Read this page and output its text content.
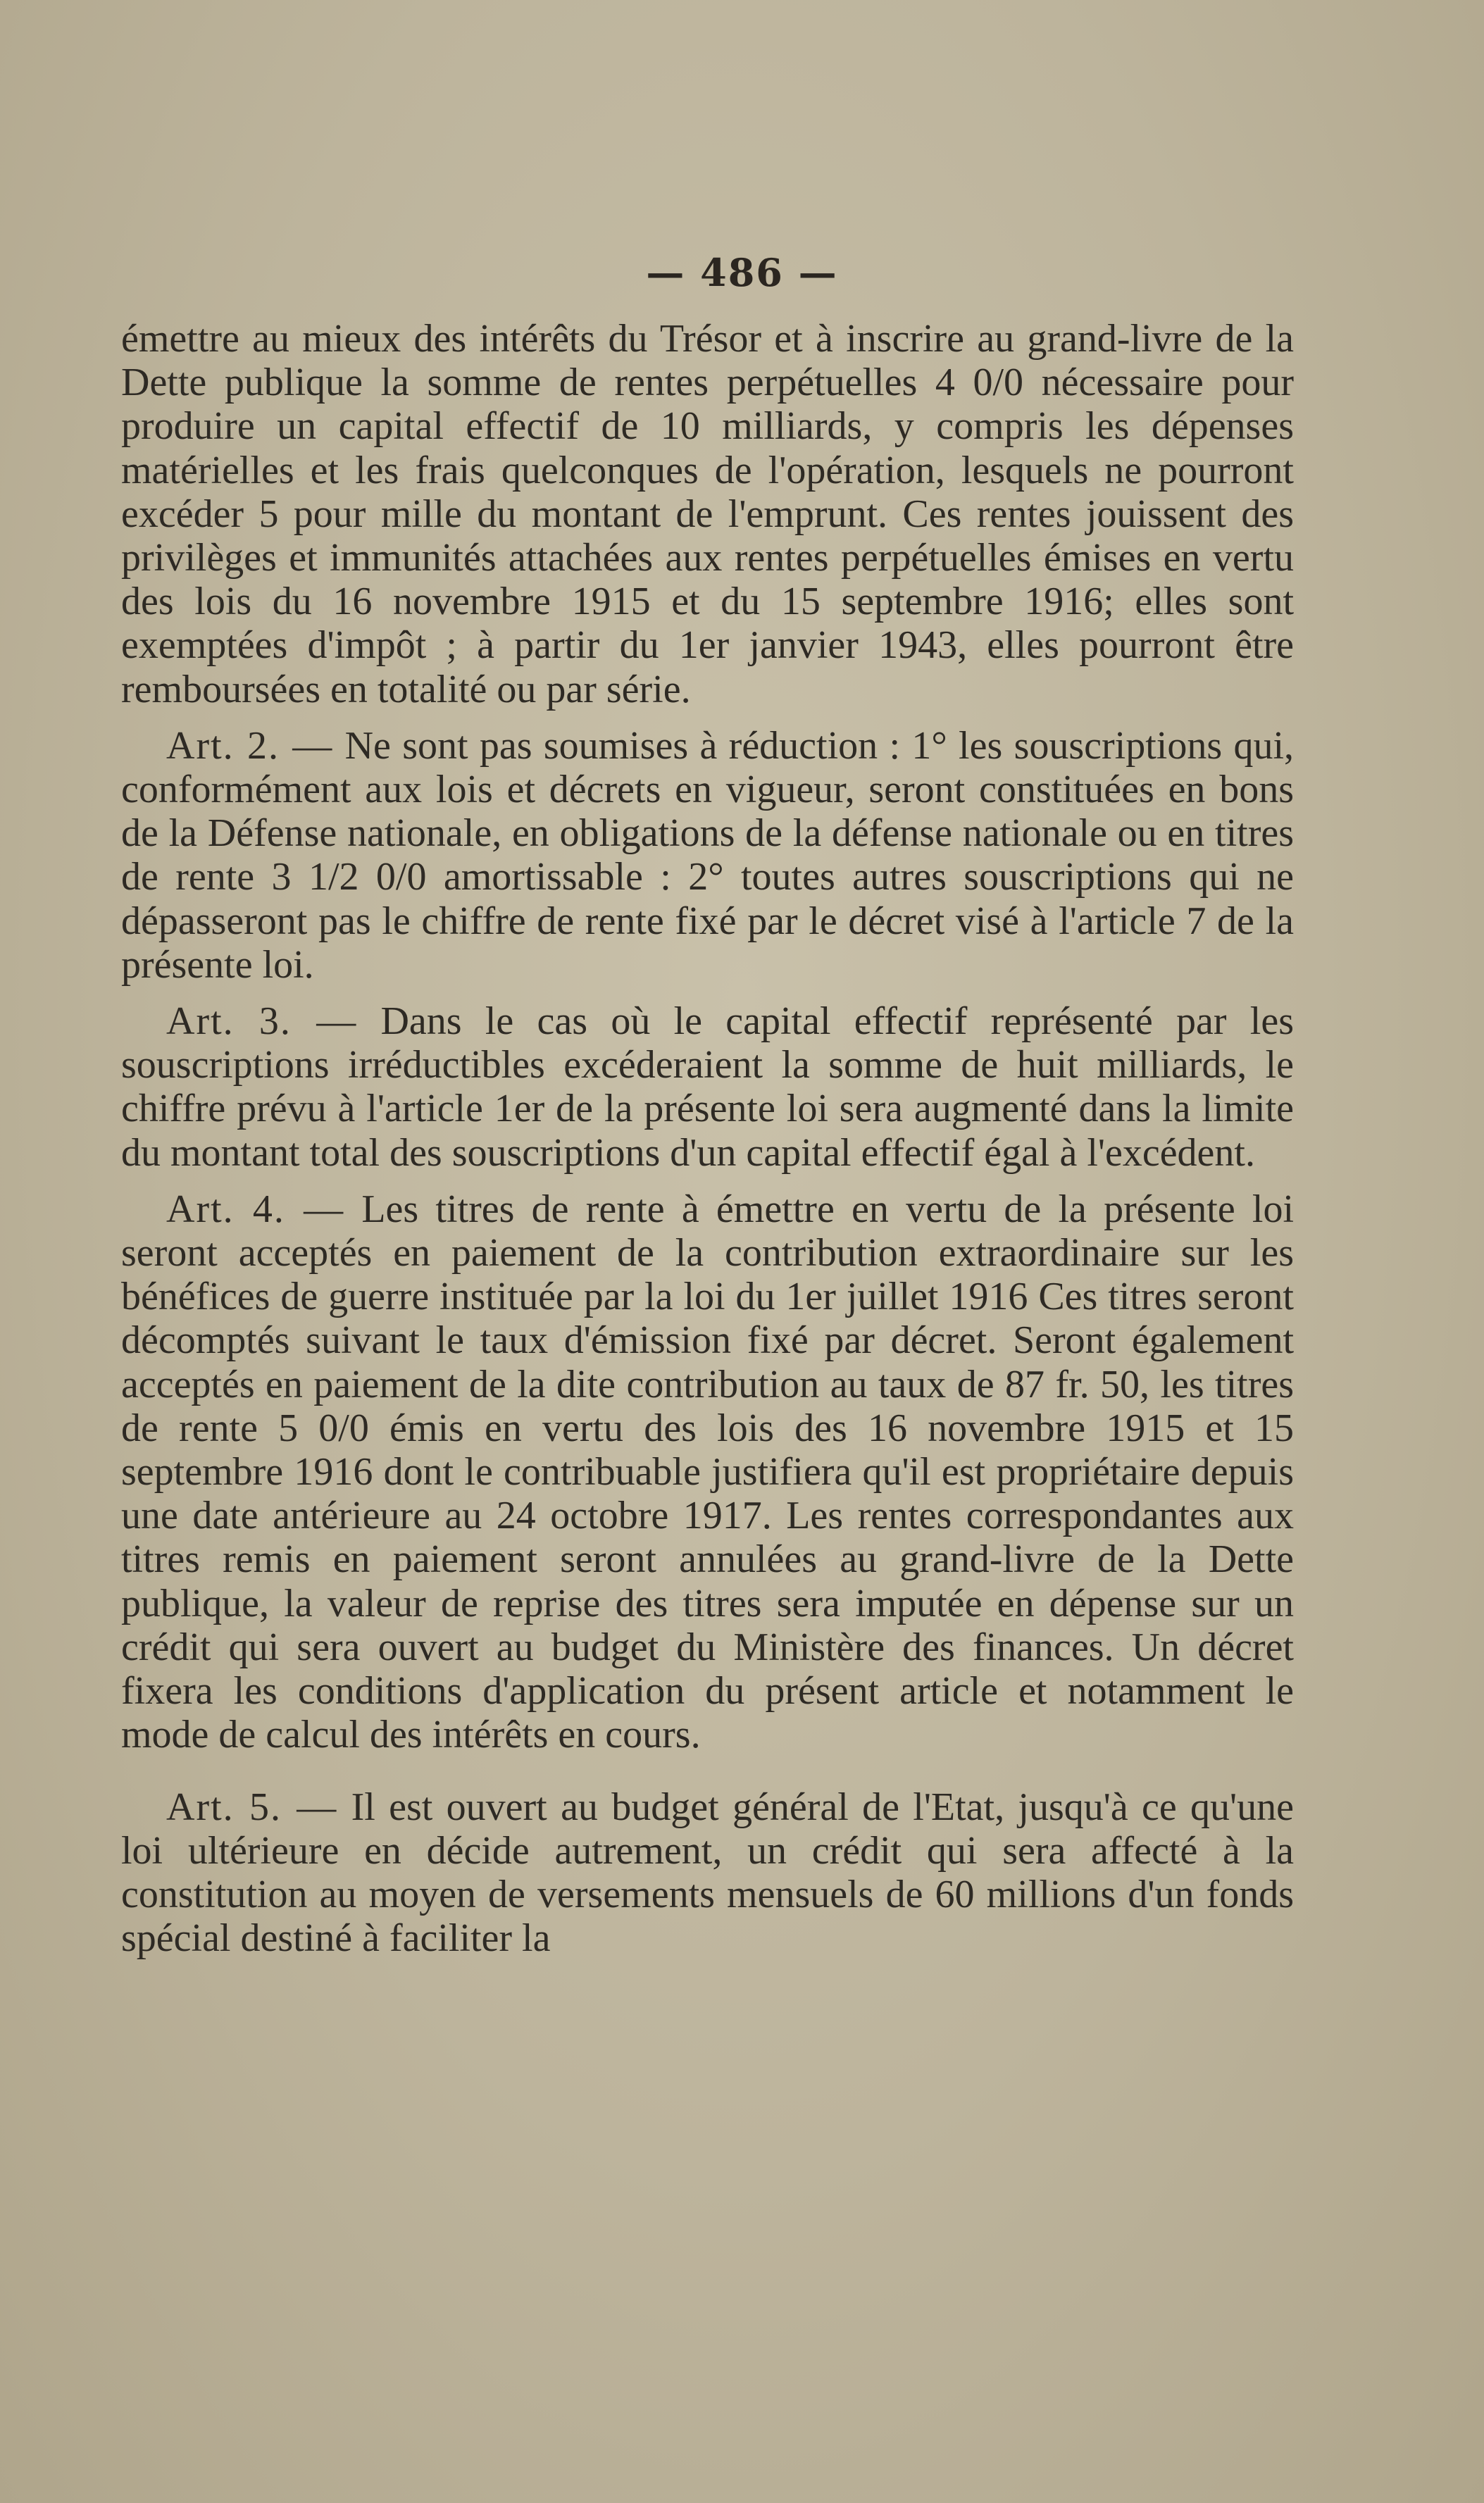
— 486 —

émettre au mieux des intérêts du Trésor et à inscrire au grand-livre de la Dette publique la somme de rentes perpétuelles 4 0/0 nécessaire pour produire un capital effectif de 10 milliards, y compris les dépenses matérielles et les frais quelconques de l'opération, lesquels ne pourront excéder 5 pour mille du montant de l'emprunt. Ces rentes jouissent des privilèges et immunités attachées aux rentes perpétuelles émises en vertu des lois du 16 novembre 1915 et du 15 septembre 1916; elles sont exemptées d'impôt ; à partir du 1er janvier 1943, elles pourront être remboursées en totalité ou par série.

Art. 2. — Ne sont pas soumises à réduction : 1° les souscriptions qui, conformément aux lois et décrets en vigueur, seront constituées en bons de la Défense nationale, en obligations de la défense nationale ou en titres de rente 3 1/2 0/0 amortissable : 2° toutes autres souscriptions qui ne dépasseront pas le chiffre de rente fixé par le décret visé à l'article 7 de la présente loi.

Art. 3. — Dans le cas où le capital effectif représenté par les souscriptions irréductibles excéderaient la somme de huit milliards, le chiffre prévu à l'article 1er de la présente loi sera augmenté dans la limite du montant total des souscriptions d'un capital effectif égal à l'excédent.

Art. 4. — Les titres de rente à émettre en vertu de la présente loi seront acceptés en paiement de la contribution extraordinaire sur les bénéfices de guerre instituée par la loi du 1er juillet 1916 Ces titres seront décomptés suivant le taux d'émission fixé par décret. Seront également acceptés en paiement de la dite contribution au taux de 87 fr. 50, les titres de rente 5 0/0 émis en vertu des lois des 16 novembre 1915 et 15 septembre 1916 dont le contribuable justifiera qu'il est propriétaire depuis une date antérieure au 24 octobre 1917. Les rentes correspondantes aux titres remis en paiement seront annulées au grand-livre de la Dette publique, la valeur de reprise des titres sera imputée en dépense sur un crédit qui sera ouvert au budget du Ministère des finances. Un décret fixera les conditions d'application du présent article et notamment le mode de calcul des intérêts en cours.

Art. 5. — Il est ouvert au budget général de l'Etat, jusqu'à ce qu'une loi ultérieure en décide autrement, un crédit qui sera affecté à la constitution au moyen de versements mensuels de 60 millions d'un fonds spécial destiné à faciliter la
